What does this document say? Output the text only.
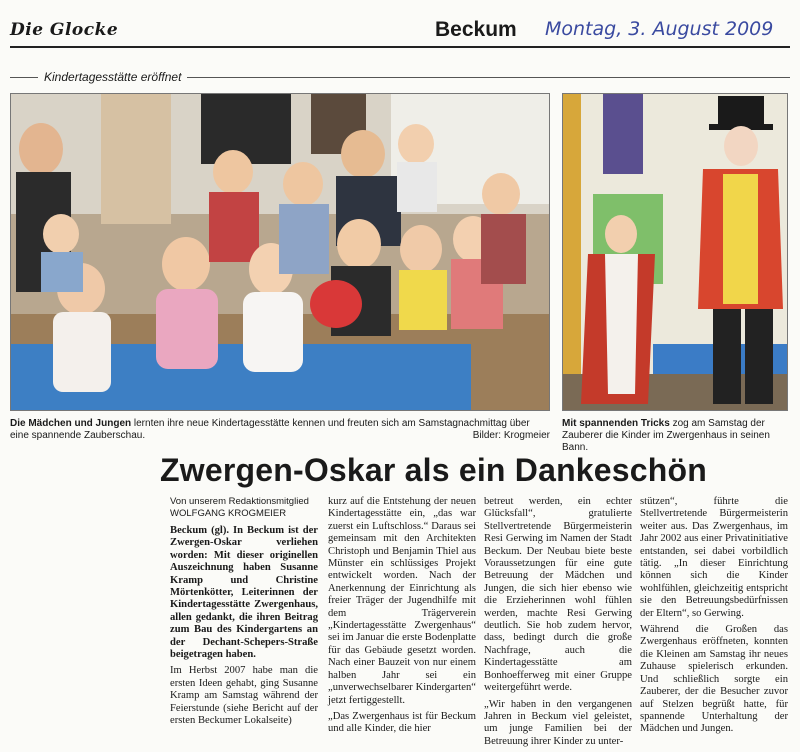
Die Glocke	Beckum Montag, 3. August 2009
Kindertagesstätte eröffnet
Die Mädchen und Jungen lernten ihre neue Kindertagesstätte kennen und freuten sich am Samstagnachmittag über eine spannende Zauberschau.	Bilder: Krogmeier
Mit spannenden Tricks zog am Samstag der Zauberer die Kinder im Zwergenhaus in seinen Bann.
Zwergen-Oskar als ein Dankeschön
Von unserem Redaktionsmitglied
WOLFGANG KROGMEIER

Beckum (gl). In Beckum ist der Zwergen-Oskar verliehen worden: Mit dieser originellen Auszeichnung haben Susanne Kramp und Christine Mörtenkötter, Leiterinnen der Kindertagesstätte Zwergenhaus, allen gedankt, die ihren Beitrag zum Bau des Kindergartens an der Dechant-Schepers-Straße beigetragen haben.

Im Herbst 2007 habe man die ersten Ideen gehabt, ging Susanne Kramp am Samstag während der Feierstunde (siehe Bericht auf der ersten Beckumer Lokalseite)

kurz auf die Entstehung der neuen Kindertagesstätte ein, „das war zuerst ein Luftschloss.“ Daraus sei gemeinsam mit den Architekten Christoph und Benjamin Thiel aus Münster ein schlüssiges Projekt entwickelt worden. Nach der Anerkennung der Einrichtung als freier Träger der Jugendhilfe mit dem Trägerverein „Kindertagesstätte Zwergenhaus“ sei im Januar die erste Bodenplatte für das Gebäude gesetzt worden. Nach einer Bauzeit von nur einem halben Jahr sei ein „unverwechselbarer Kindergarten“ jetzt fertiggestellt.

„Das Zwergenhaus ist für Beckum und alle Kinder, die hier

betreut werden, ein echter Glücksfall“, gratulierte Stellvertretende Bürgermeisterin Resi Gerwing im Namen der Stadt Beckum. Der Neubau biete beste Voraussetzungen für eine gute Betreuung der Mädchen und Jungen, die sich hier ebenso wie die Erzieherinnen wohl fühlen werden, machte Resi Gerwing deutlich. Sie hob zudem hervor, dass, bedingt durch die große Nachfrage, auch die Kindertagesstätte am Bonhoefferweg mit einer Gruppe weitergeführt werde.

„Wir haben in den vergangenen Jahren in Beckum viel geleistet, um junge Familien bei der Betreuung ihrer Kinder zu unter-

stützen“, führte die Stellvertretende Bürgermeisterin weiter aus. Das Zwergenhaus, im Jahr 2002 aus einer Privatinitiative entstanden, sei dabei vorbildlich tätig. „In dieser Einrichtung können sich die Kinder wohlfühlen, gleichzeitig entspricht sie den Betreuungsbedürfnissen der Eltern“, so Gerwing.

Während die Großen das Zwergenhaus eröffneten, konnten die Kleinen am Samstag ihr neues Zuhause spielerisch erkunden. Und schließlich sorgte ein Zauberer, der die Besucher zuvor auf Stelzen begrüßt hatte, für spannende Unterhaltung der Mädchen und Jungen.
